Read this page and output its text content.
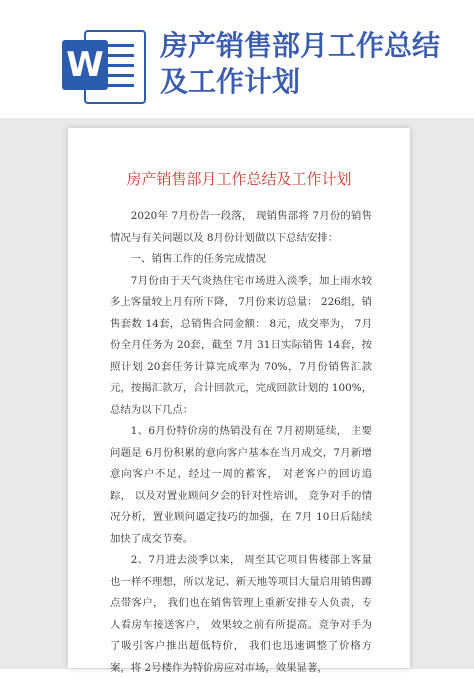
W 房产销售部月工作总结及工作计划
房产销售部月工作总结及工作计划

2020年 7月份告一段落， 现销售部将 7月份的销售情况与有关问题以及 8月份计划做以下总结安排：

一、销售工作的任务完成情况

7月份由于天气炎热住宅市场进入淡季，加上雨水较多上客量较上月有所下降， 7月份来访总量： 226组，销售套数 14套，总销售合同金额： 8元，成交率为， 7月份全月任务为 20套，截至 7月 31日实际销售 14套，按照计划 20套任务计算完成率为 70%，7月份销售汇款元，按揭汇款万，合计回款元，完成回款计划的 100%，总结为以下几点：

1、6月份特价房的热销没有在 7月初期延续， 主要问题是 6月份积累的意向客户基本在当月成交，7月新增意向客户不足，经过一周的蓄客， 对老客户的回访追踪， 以及对置业顾问夕会的针对性培训， 竞争对手的情况分析，置业顾问逼定技巧的加强，在 7月 10日后陆续加快了成交节奏。

2、7月进去淡季以来， 周至其它项目售楼部上客量也一样不理想，所以龙记、新天地等项目大量启用销售蹲点带客户， 我们也在销售管理上重新安排专人负责，专人看房车接送客户， 效果较之前有所提高。竞争对手为了吸引客户推出超低特价， 我们也迅速调整了价格方案，将 2号楼作为特价房应对市场，效果显著，
